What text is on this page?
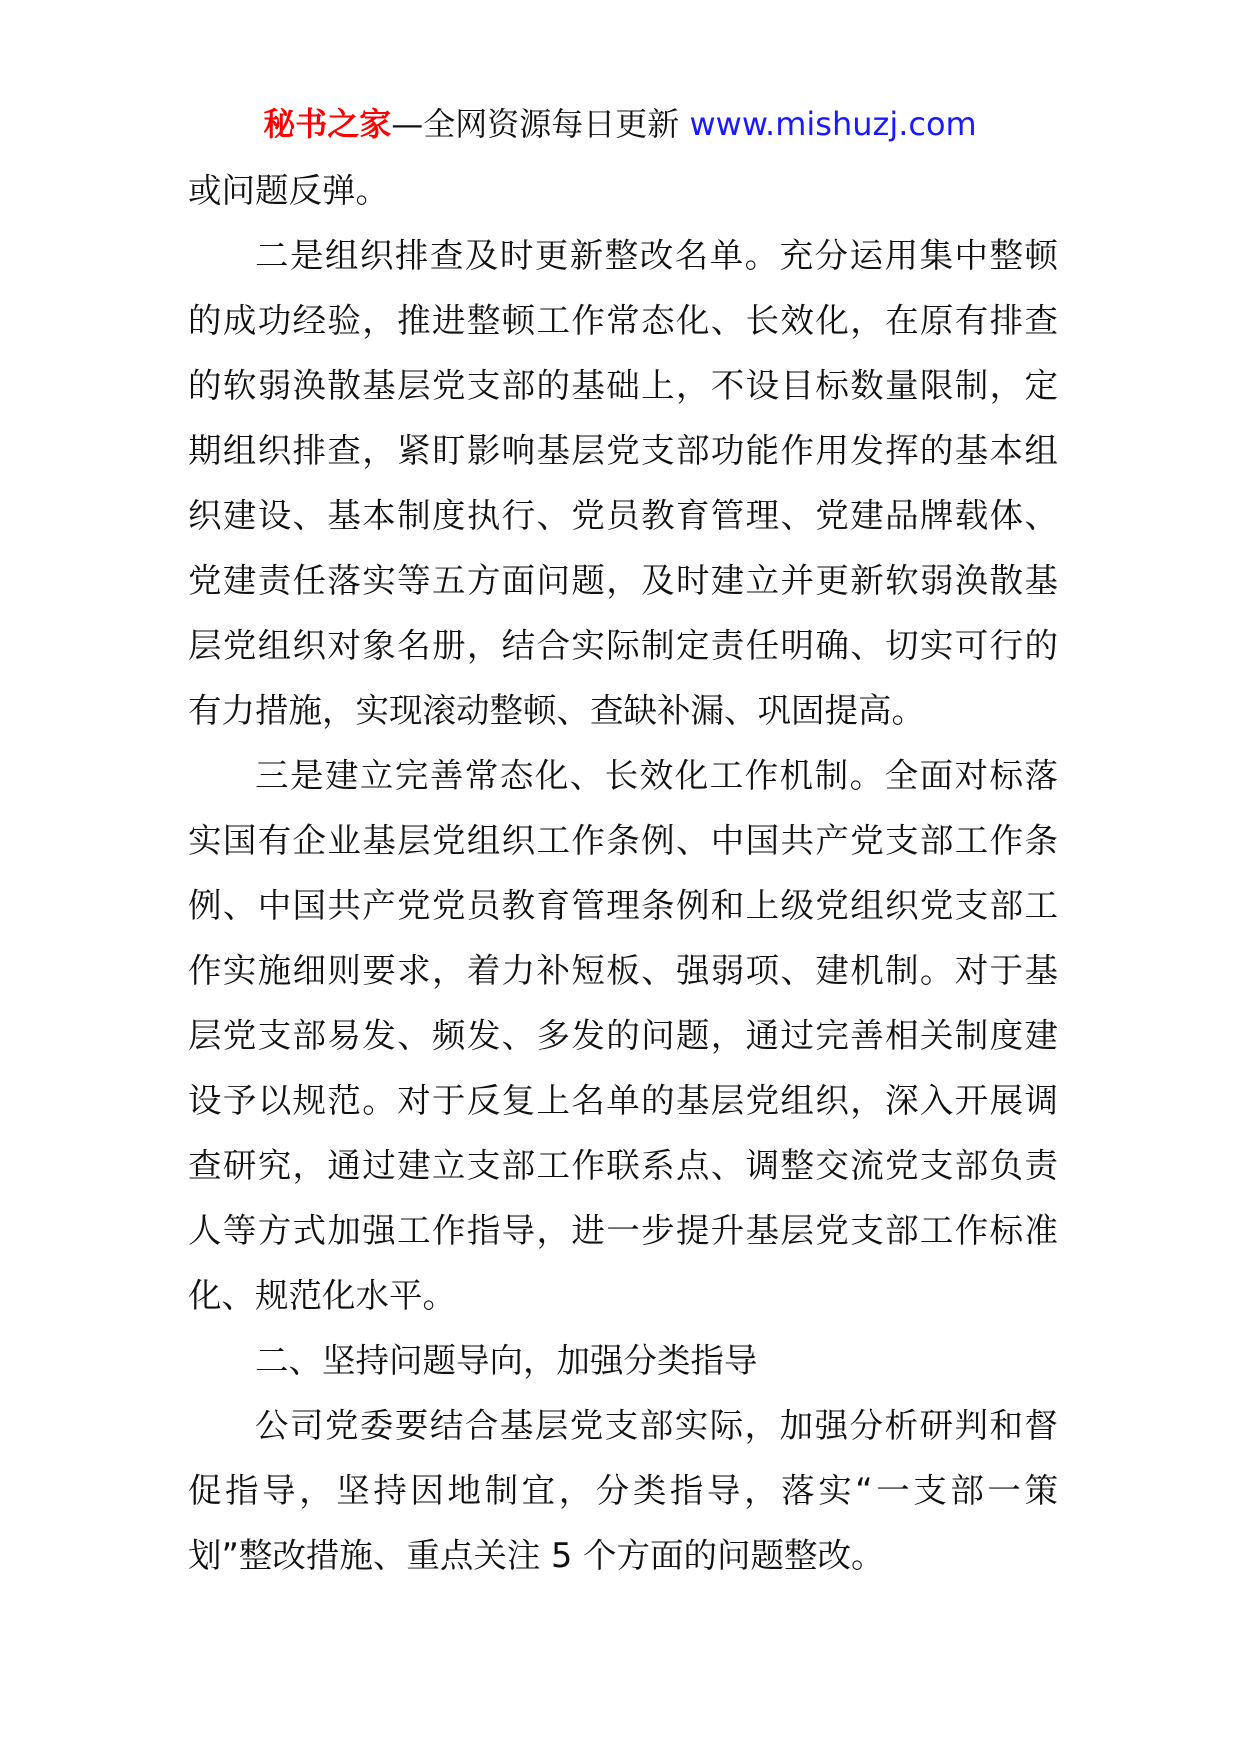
秘书之家—全网资源每日更新 www.mishuzj.com

或问题反弹。

二是组织排查及时更新整改名单。充分运用集中整顿的成功经验，推进整顿工作常态化、长效化，在原有排查的软弱涣散基层党支部的基础上，不设目标数量限制，定期组织排查，紧盯影响基层党支部功能作用发挥的基本组织建设、基本制度执行、党员教育管理、党建品牌载体、党建责任落实等五方面问题，及时建立并更新软弱涣散基层党组织对象名册，结合实际制定责任明确、切实可行的有力措施，实现滚动整顿、查缺补漏、巩固提高。

三是建立完善常态化、长效化工作机制。全面对标落实国有企业基层党组织工作条例、中国共产党支部工作条例、中国共产党党员教育管理条例和上级党组织党支部工作实施细则要求，着力补短板、强弱项、建机制。对于基层党支部易发、频发、多发的问题，通过完善相关制度建设予以规范。对于反复上名单的基层党组织，深入开展调查研究，通过建立支部工作联系点、调整交流党支部负责人等方式加强工作指导，进一步提升基层党支部工作标准化、规范化水平。

二、坚持问题导向，加强分类指导

公司党委要结合基层党支部实际，加强分析研判和督促指导，坚持因地制宜，分类指导，落实“一支部一策划”整改措施、重点关注 5 个方面的问题整改。
